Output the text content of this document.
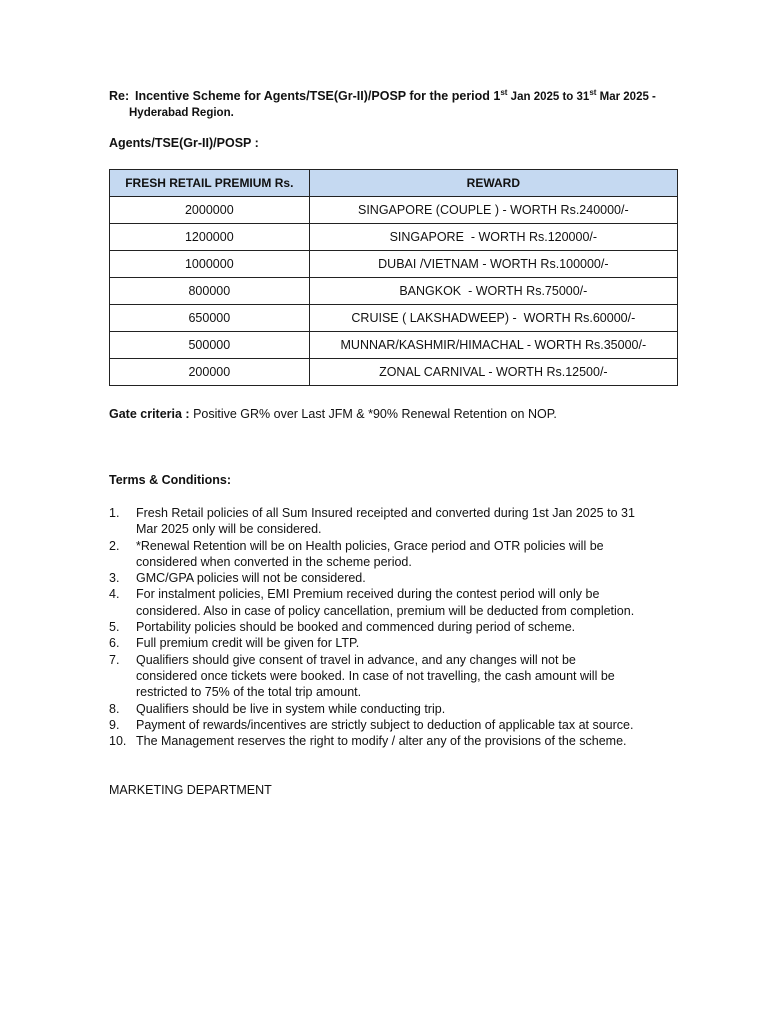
Re: Incentive Scheme for Agents/TSE(Gr-II)/POSP for the period 1st Jan 2025 to 31st Mar 2025 -
Hyderabad Region.
Agents/TSE(Gr-II)/POSP :
FRESH RETAIL PREMIUM Rs.	REWARD
2000000	SINGAPORE (COUPLE ) - WORTH Rs.240000/-
1200000	SINGAPORE  - WORTH Rs.120000/-
1000000	DUBAI /VIETNAM - WORTH Rs.100000/-
800000	BANGKOK  - WORTH Rs.75000/-
650000	CRUISE ( LAKSHADWEEP) -  WORTH Rs.60000/-
500000	MUNNAR/KASHMIR/HIMACHAL - WORTH Rs.35000/-
200000	ZONAL CARNIVAL - WORTH Rs.12500/-
Gate criteria : Positive GR% over Last JFM & *90% Renewal Retention on NOP.
Terms & Conditions:
1. Fresh Retail policies of all Sum Insured receipted and converted during 1st Jan 2025 to 31
Mar 2025 only will be considered.
2. *Renewal Retention will be on Health policies, Grace period and OTR policies will be
considered when converted in the scheme period.
3. GMC/GPA policies will not be considered.
4. For instalment policies, EMI Premium received during the contest period will only be
considered. Also in case of policy cancellation, premium will be deducted from completion.
5. Portability policies should be booked and commenced during period of scheme.
6. Full premium credit will be given for LTP.
7. Qualifiers should give consent of travel in advance, and any changes will not be
considered once tickets were booked. In case of not travelling, the cash amount will be
restricted to 75% of the total trip amount.
8. Qualifiers should be live in system while conducting trip.
9. Payment of rewards/incentives are strictly subject to deduction of applicable tax at source.
10. The Management reserves the right to modify / alter any of the provisions of the scheme.
MARKETING DEPARTMENT
